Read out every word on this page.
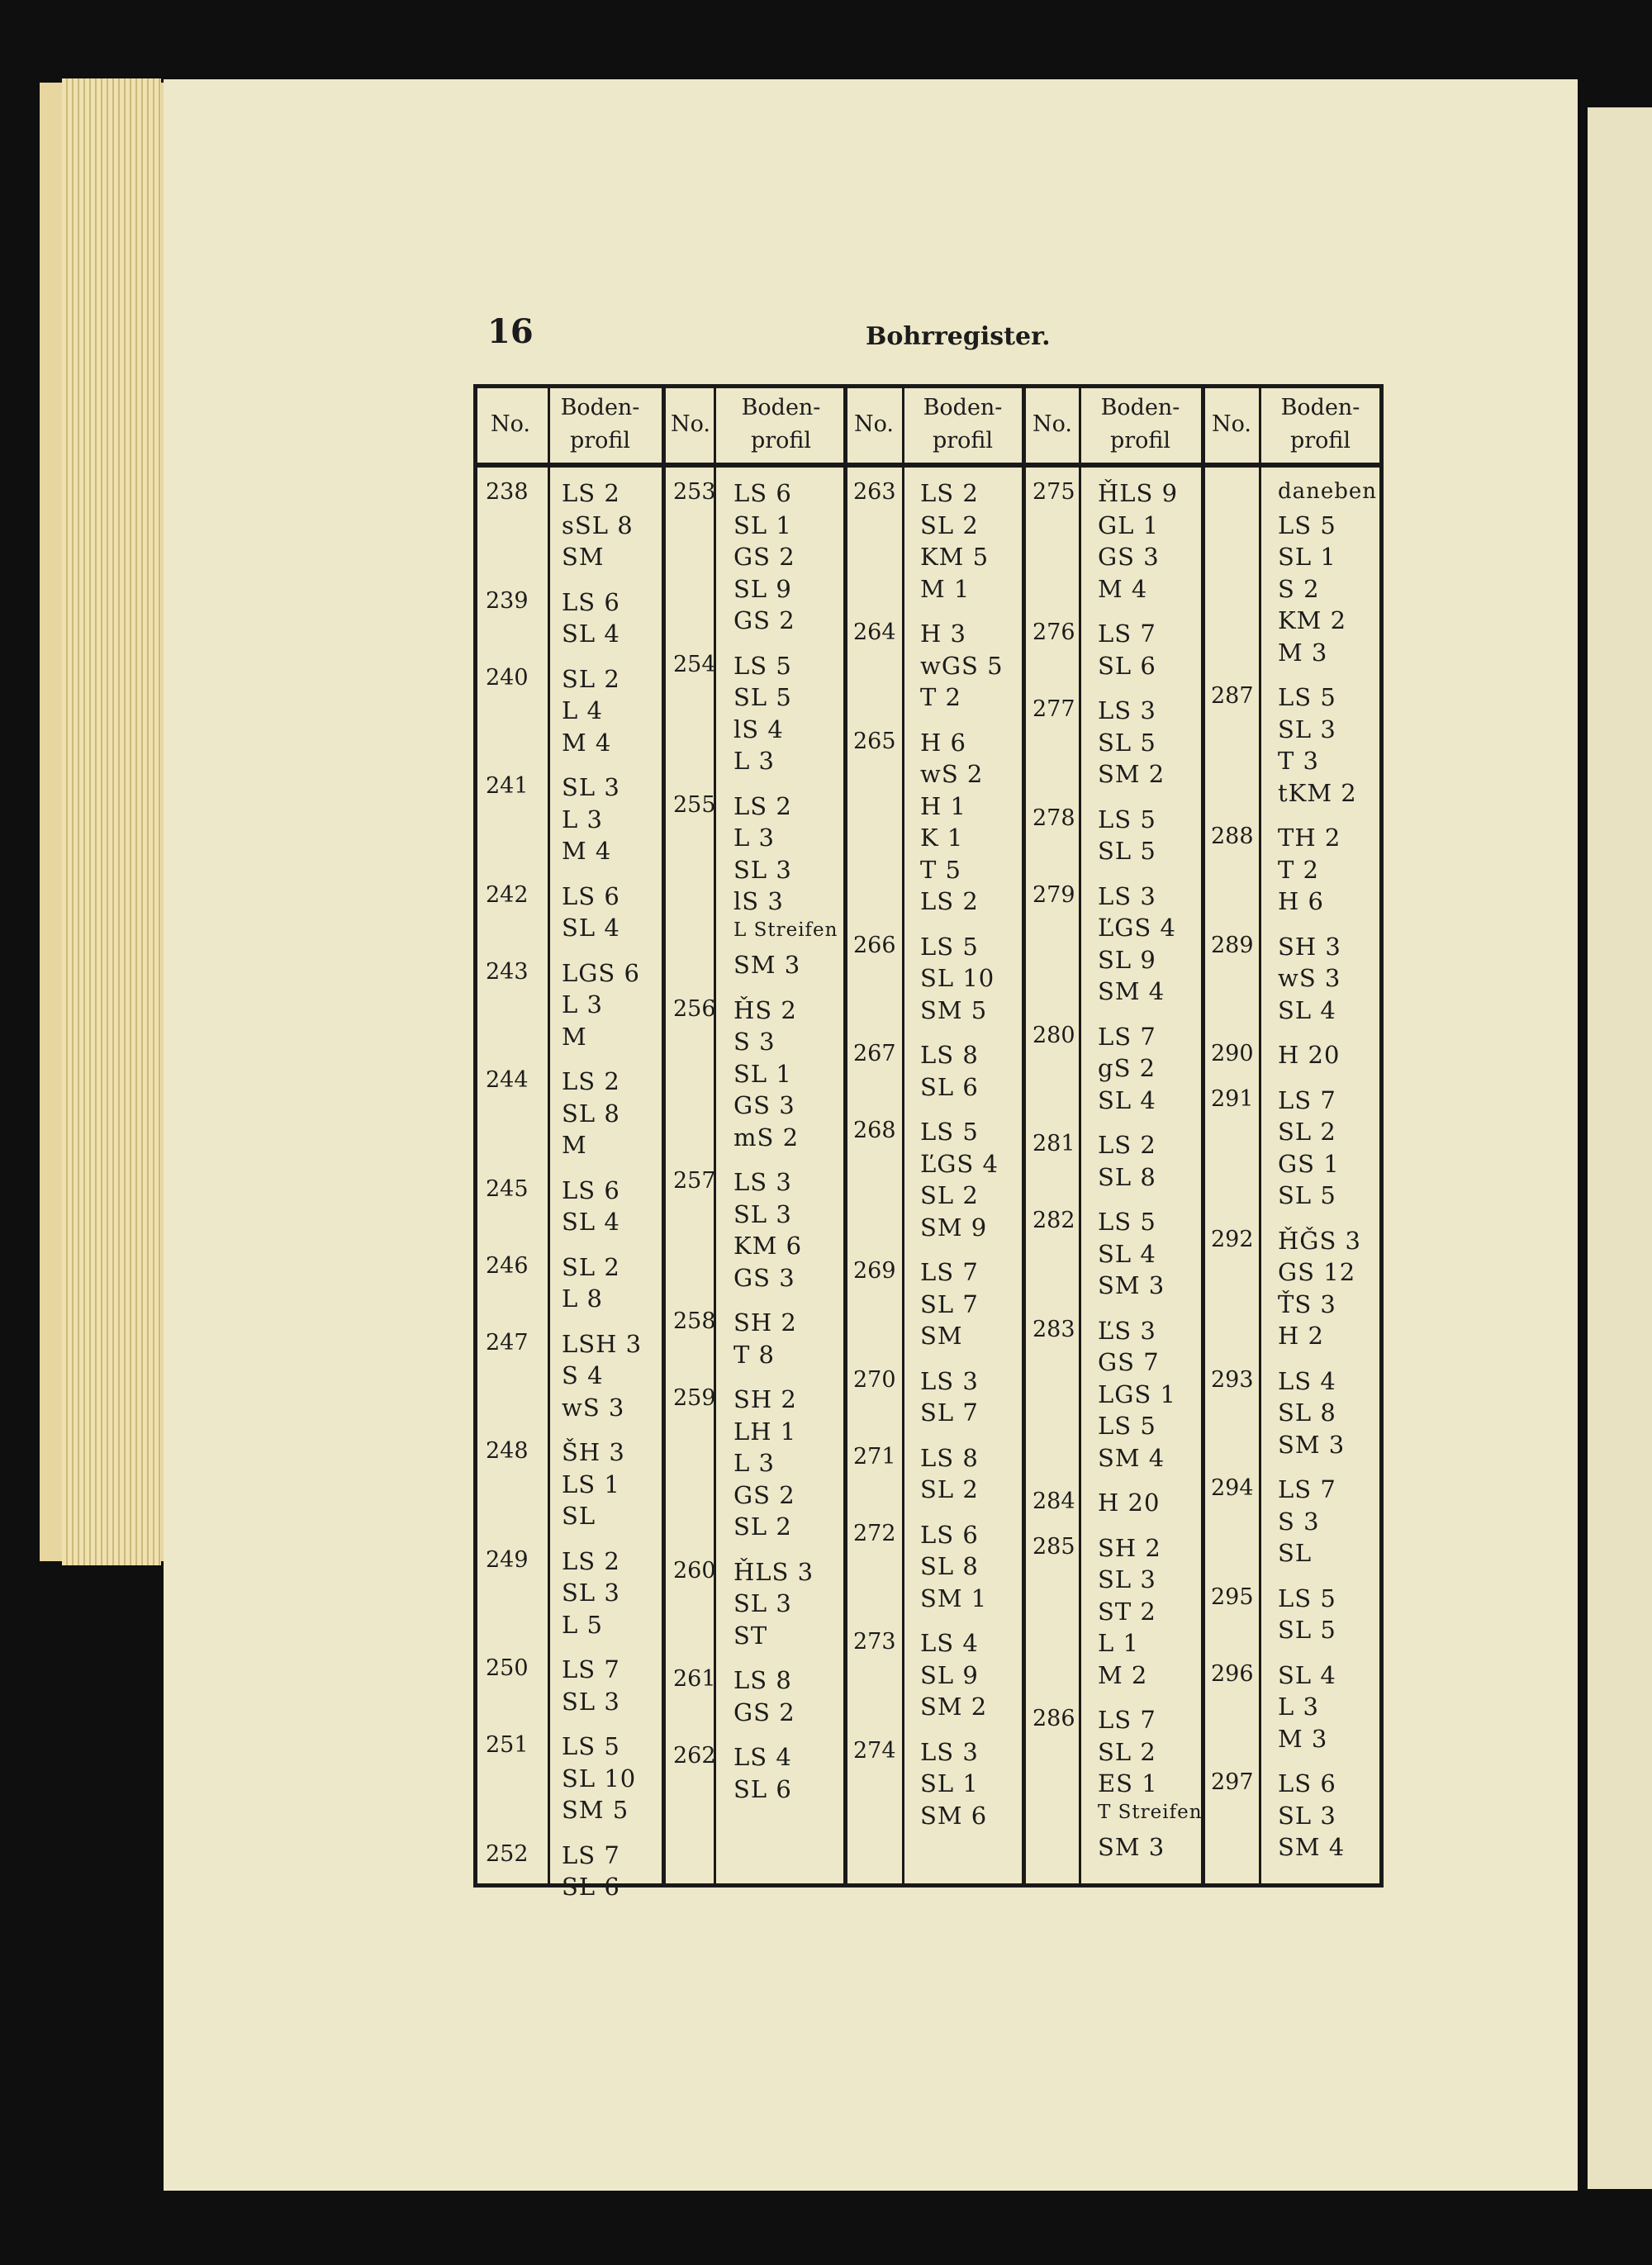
16	Bohrregister.
No.
Boden-
profil
238 LS 2
sSL 8
SM
239 LS 6
SL 4
240 SL 2
L 4
M 4
241 SL 3
L 3
M 4
242 LS 6
SL 4
243 LGS 6
L 3
M
244 LS 2
SL 8
M
245 LS 6
SL 4
246 SL 2
L 8
247 LSH 3
S 4
wS 3
248 ŠH 3
LS 1
SL
249 LS 2
SL 3
L 5
250 LS 7
SL 3
251 LS 5
SL 10
SM 5
252 LS 7
SL 6
No.
Boden-
profil
253 LS 6
SL 1
GS 2
SL 9
GS 2
254 LS 5
SL 5
lS 4
L 3
255 LS 2
L 3
SL 3
lS 3
L Streifen
SM 3
256 ȞS 2
S 3
SL 1
GS 3
mS 2
257 LS 3
SL 3
KM 6
GS 3
258 SH 2
T 8
259 SH 2
LH 1
L 3
GS 2
SL 2
260 ȞLS 3
SL 3
ST
261 LS 8
GS 2
262 LS 4
SL 6
No.
Boden-
profil
263 LS 2
SL 2
KM 5
M 1
264 H 3
wGS 5
T 2
265 H 6
wS 2
H 1
K 1
T 5
LS 2
266 LS 5
SL 10
SM 5
267 LS 8
SL 6
268 LS 5
ĽGS 4
SL 2
SM 9
269 LS 7
SL 7
SM
270 LS 3
SL 7
271 LS 8
SL 2
272 LS 6
SL 8
SM 1
273 LS 4
SL 9
SM 2
274 LS 3
SL 1
SM 6
No.
Boden-
profil
275 ȞLS 9
GL 1
GS 3
M 4
276 LS 7
SL 6
277 LS 3
SL 5
SM 2
278 LS 5
SL 5
279 LS 3
ĽGS 4
SL 9
SM 4
280 LS 7
gS 2
SL 4
281 LS 2
SL 8
282 LS 5
SL 4
SM 3
283 ĽS 3
GS 7
LGS 1
LS 5
SM 4
284 H 20
285 SH 2
SL 3
ST 2
L 1
M 2
286 LS 7
SL 2
ES 1
T Streifen
SM 3
No.
Boden-
profil
daneben
LS 5
SL 1
S 2
KM 2
M 3
287 LS 5
SL 3
T 3
tKM 2
288 TH 2
T 2
H 6
289 SH 3
wS 3
SL 4
290 H 20
291 LS 7
SL 2
GS 1
SL 5
292 ȞǦS 3
GS 12
ŤS 3
H 2
293 LS 4
SL 8
SM 3
294 LS 7
S 3
SL
295 LS 5
SL 5
296 SL 4
L 3
M 3
297 LS 6
SL 3
SM 4
